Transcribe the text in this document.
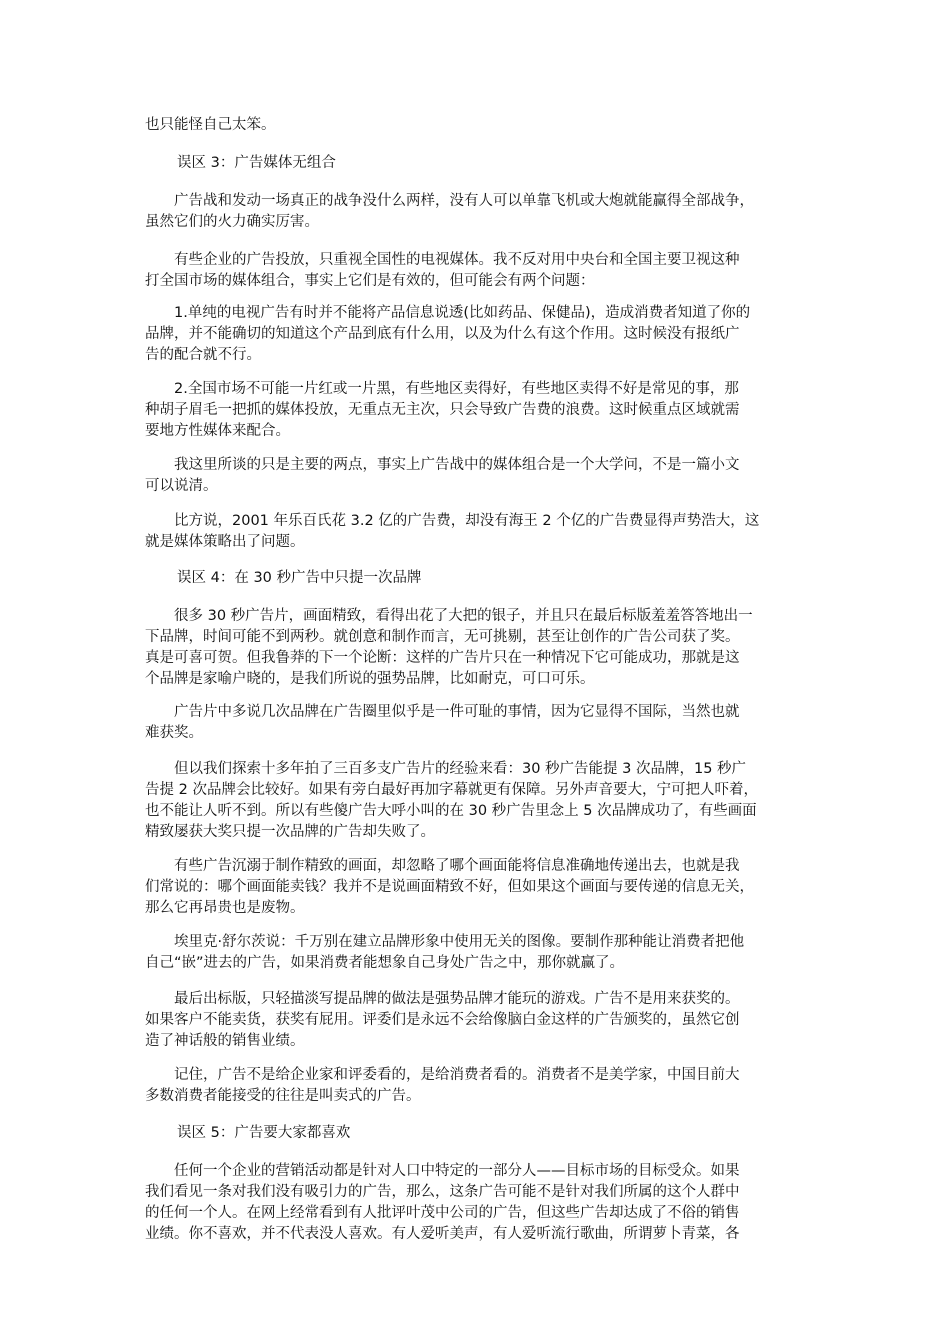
也只能怪自己太笨。

误区 3：广告媒体无组合

广告战和发动一场真正的战争没什么两样，没有人可以单靠飞机或大炮就能赢得全部战争，
虽然它们的火力确实厉害。

有些企业的广告投放，只重视全国性的电视媒体。我不反对用中央台和全国主要卫视这种
打全国市场的媒体组合，事实上它们是有效的，但可能会有两个问题：

1.单纯的电视广告有时并不能将产品信息说透(比如药品、保健品)，造成消费者知道了你的
品牌，并不能确切的知道这个产品到底有什么用，以及为什么有这个作用。这时候没有报纸广
告的配合就不行。

2.全国市场不可能一片红或一片黑，有些地区卖得好，有些地区卖得不好是常见的事，那
种胡子眉毛一把抓的媒体投放，无重点无主次，只会导致广告费的浪费。这时候重点区域就需
要地方性媒体来配合。

我这里所谈的只是主要的两点，事实上广告战中的媒体组合是一个大学问，不是一篇小文
可以说清。

比方说，2001 年乐百氏花 3.2 亿的广告费，却没有海王 2 个亿的广告费显得声势浩大，这
就是媒体策略出了问题。

误区 4：在 30 秒广告中只提一次品牌

很多 30 秒广告片，画面精致，看得出花了大把的银子，并且只在最后标版羞羞答答地出一
下品牌，时间可能不到两秒。就创意和制作而言，无可挑剔，甚至让创作的广告公司获了奖。
真是可喜可贺。但我鲁莽的下一个论断：这样的广告片只在一种情况下它可能成功，那就是这
个品牌是家喻户晓的，是我们所说的强势品牌，比如耐克，可口可乐。

广告片中多说几次品牌在广告圈里似乎是一件可耻的事情，因为它显得不国际，当然也就
难获奖。

但以我们探索十多年拍了三百多支广告片的经验来看：30 秒广告能提 3 次品牌，15 秒广
告提 2 次品牌会比较好。如果有旁白最好再加字幕就更有保障。另外声音要大，宁可把人吓着，
也不能让人听不到。所以有些傻广告大呼小叫的在 30 秒广告里念上 5 次品牌成功了，有些画面
精致屡获大奖只提一次品牌的广告却失败了。

有些广告沉溺于制作精致的画面，却忽略了哪个画面能将信息准确地传递出去，也就是我
们常说的：哪个画面能卖钱？我并不是说画面精致不好，但如果这个画面与要传递的信息无关，
那么它再昂贵也是废物。

埃里克·舒尔茨说：千万别在建立品牌形象中使用无关的图像。要制作那种能让消费者把他
自己“嵌”进去的广告，如果消费者能想象自己身处广告之中，那你就赢了。

最后出标版，只轻描淡写提品牌的做法是强势品牌才能玩的游戏。广告不是用来获奖的。
如果客户不能卖货，获奖有屁用。评委们是永远不会给像脑白金这样的广告颁奖的，虽然它创
造了神话般的销售业绩。

记住，广告不是给企业家和评委看的，是给消费者看的。消费者不是美学家，中国目前大
多数消费者能接受的往往是叫卖式的广告。

误区 5：广告要大家都喜欢

任何一个企业的营销活动都是针对人口中特定的一部分人——目标市场的目标受众。如果
我们看见一条对我们没有吸引力的广告，那么，这条广告可能不是针对我们所属的这个人群中
的任何一个人。在网上经常看到有人批评叶茂中公司的广告，但这些广告却达成了不俗的销售
业绩。你不喜欢，并不代表没人喜欢。有人爱听美声，有人爱听流行歌曲，所谓萝卜青菜，各
